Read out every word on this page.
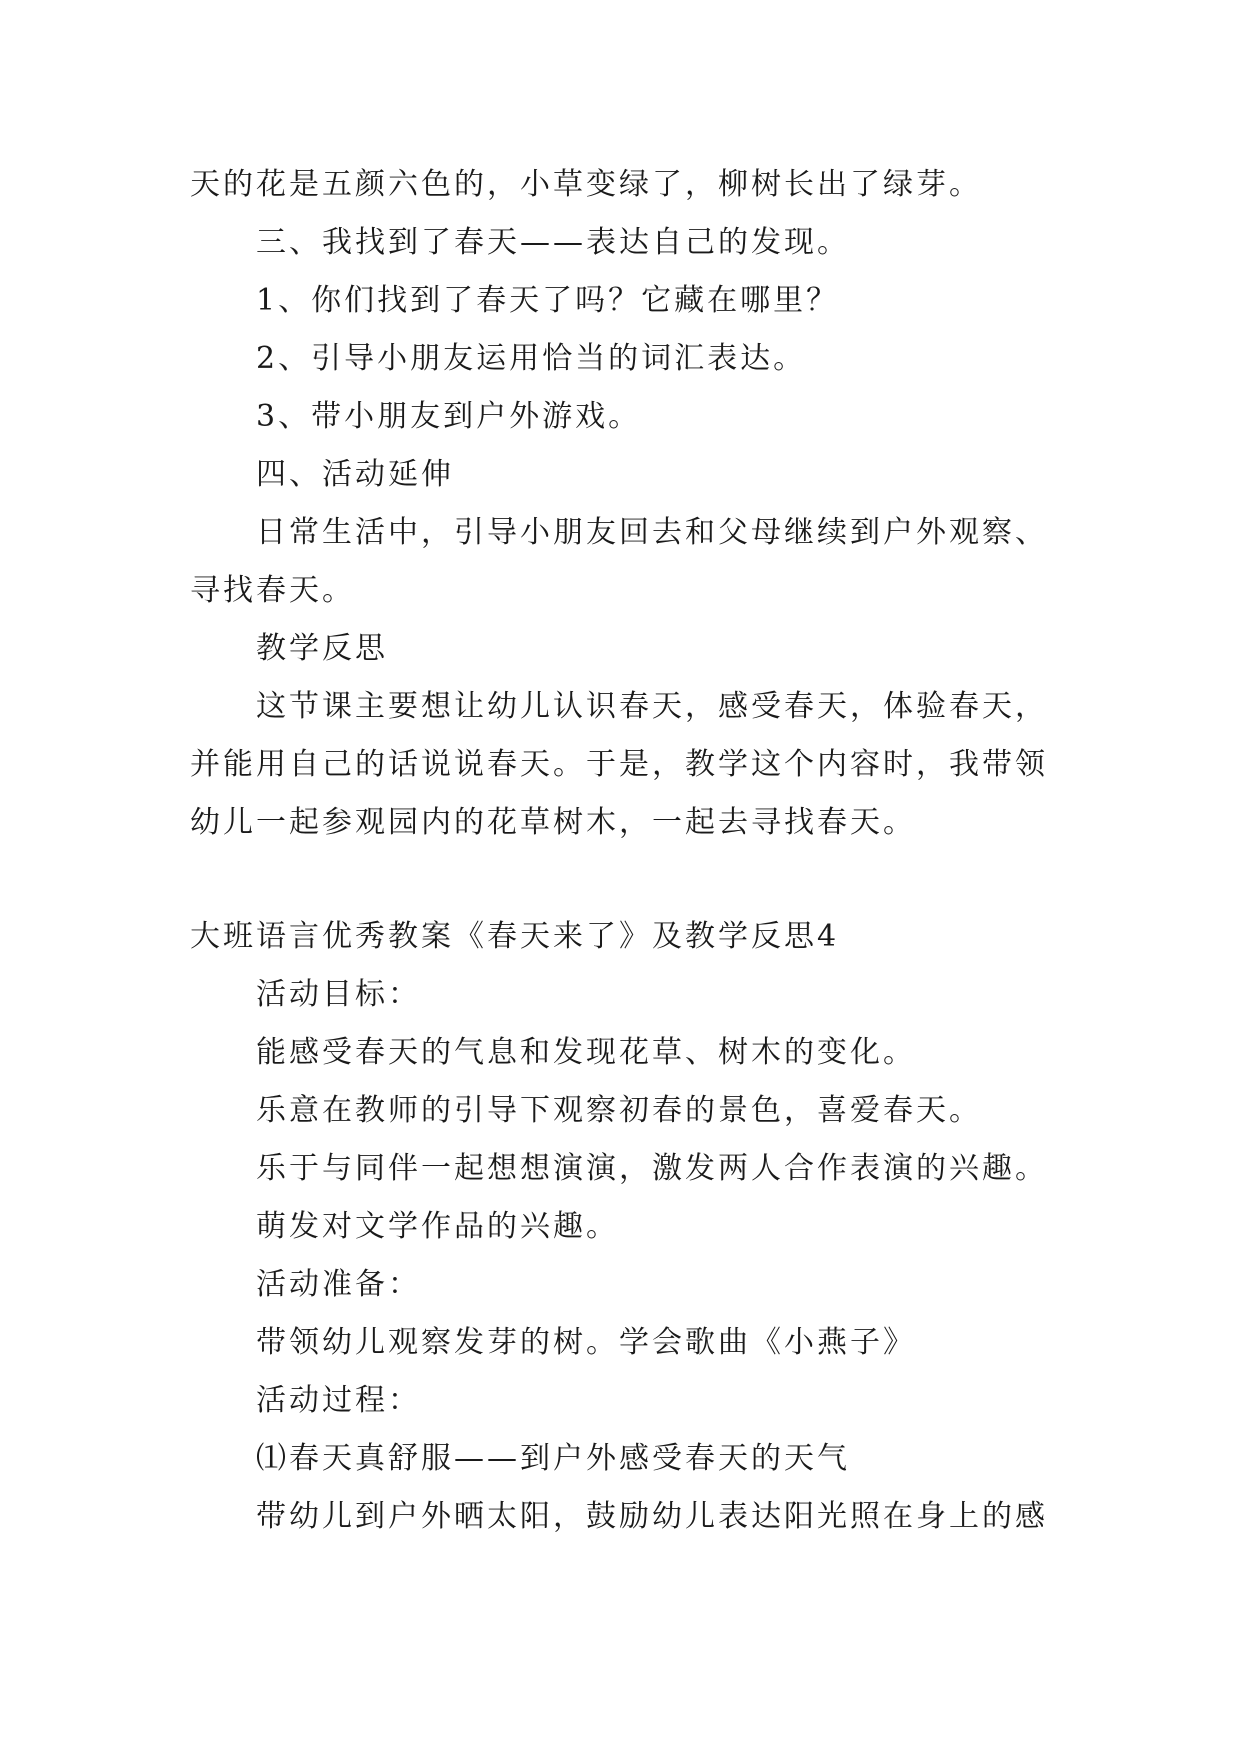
天的花是五颜六色的，小草变绿了，柳树长出了绿芽。
三、我找到了春天——表达自己的发现。
1、你们找到了春天了吗？它藏在哪里？
2、引导小朋友运用恰当的词汇表达。
3、带小朋友到户外游戏。
四、活动延伸
日常生活中，引导小朋友回去和父母继续到户外观察、
寻找春天。
教学反思
这节课主要想让幼儿认识春天，感受春天，体验春天，
并能用自己的话说说春天。于是，教学这个内容时，我带领
幼儿一起参观园内的花草树木，一起去寻找春天。
大班语言优秀教案《春天来了》及教学反思4
活动目标：
能感受春天的气息和发现花草、树木的变化。
乐意在教师的引导下观察初春的景色，喜爱春天。
乐于与同伴一起想想演演，激发两人合作表演的兴趣。
萌发对文学作品的兴趣。
活动准备：
带领幼儿观察发芽的树。学会歌曲《小燕子》
活动过程：
⑴春天真舒服——到户外感受春天的天气
带幼儿到户外晒太阳，鼓励幼儿表达阳光照在身上的感
